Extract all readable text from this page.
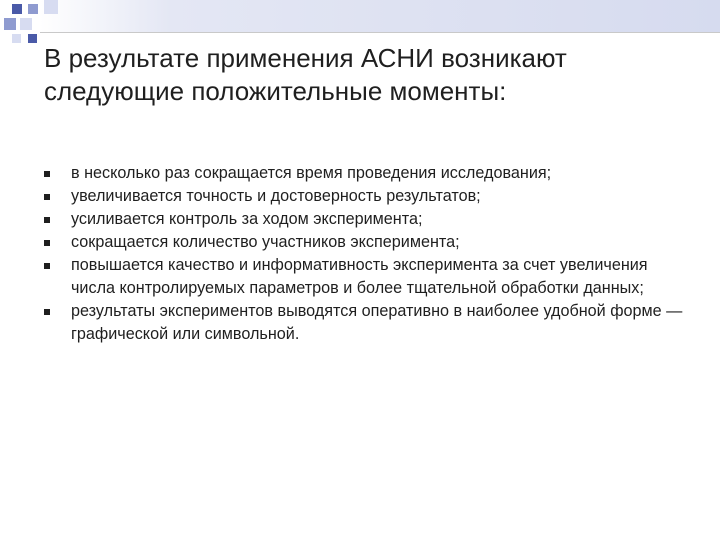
В результате применения АСНИ возникают следующие положительные моменты:
в несколько раз сокращается время проведения исследования;
увеличивается точность и достоверность результатов;
усиливается контроль за ходом эксперимента;
сокращается количество участников эксперимента;
повышается качество и информативность эксперимента за счет увеличения числа контролируемых параметров и более тщательной обработки данных;
результаты экспериментов выводятся оперативно в наиболее удобной форме — графической или символьной.
